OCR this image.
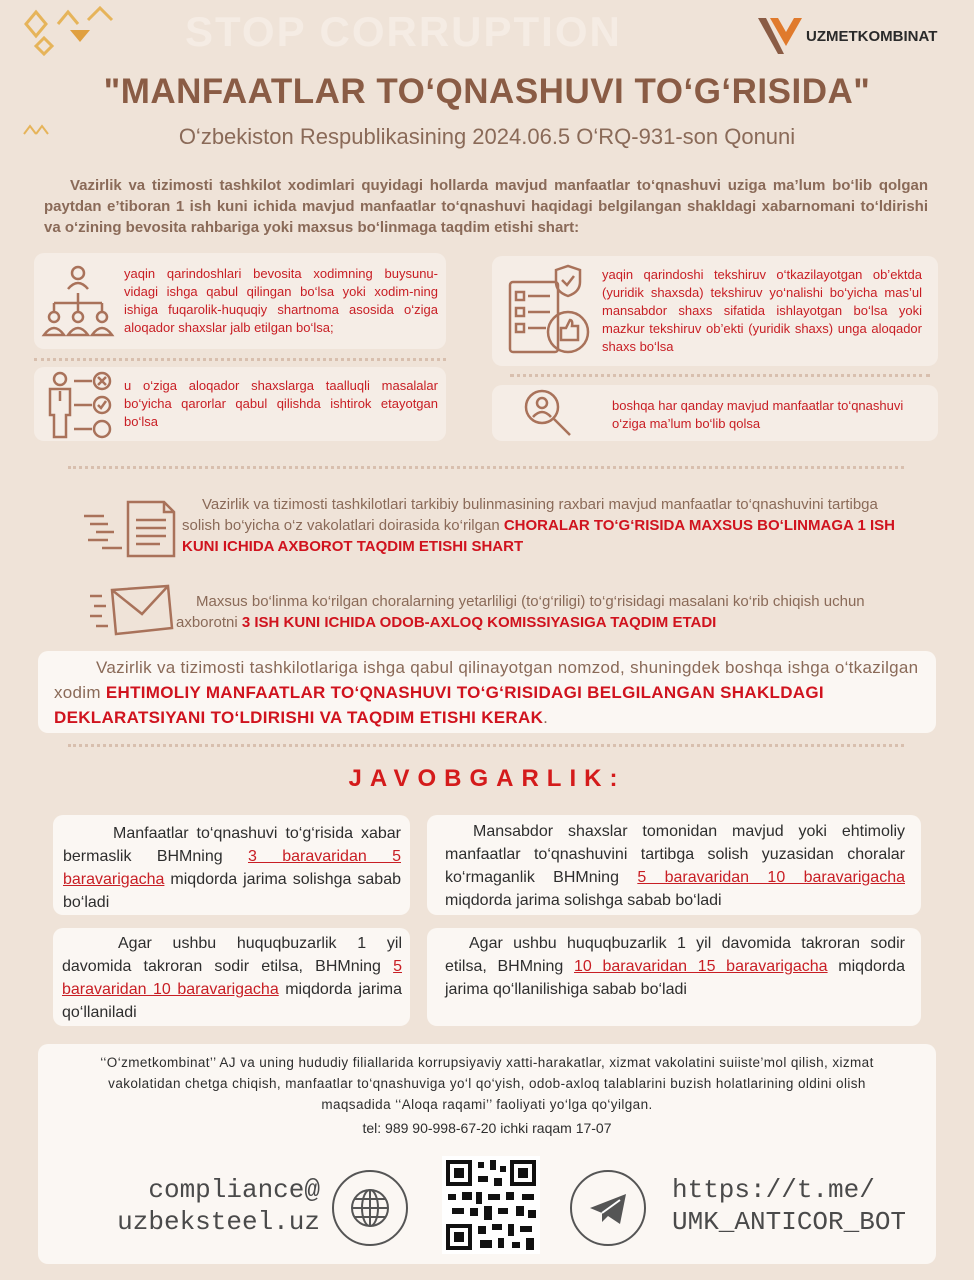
STOP CORRUPTION	UZMETKOMBINAT
"MANFAATLAR TO‘QNASHUVI TO‘G‘RISIDA"
O‘zbekiston Respublikasining 2024.06.5 O‘RQ-931-son Qonuni
Vazirlik va tizimosti tashkilot xodimlari quyidagi hollarda mavjud manfaatlar to‘qnashuvi uziga ma’lum bo‘lib qolgan paytdan e’tiboran 1 ish kuni ichida mavjud manfaatlar to‘qnashuvi haqidagi belgilangan shakldagi xabarnomani to‘ldirishi va o‘zining bevosita rahbariga yoki maxsus bo‘linmaga taqdim etishi shart:
yaqin qarindoshlari bevosita xodimning buysunu-vidagi ishga qabul qilingan bo‘lsa yoki xodim-ning ishiga fuqarolik-huquqiy shartnoma asosida o‘ziga aloqador shaxslar jalb etilgan bo‘lsa;
yaqin qarindoshi tekshiruv o‘tkazilayotgan ob’ektda (yuridik shaxsda) tekshiruv yo‘nalishi bo‘yicha mas’ul mansabdor shaxs sifatida ishlayotgan bo‘lsa yoki mazkur tekshiruv ob’ekti (yuridik shaxs) unga aloqador shaxs bo‘lsa
u o‘ziga aloqador shaxslarga taalluqli masalalar bo‘yicha qarorlar qabul qilishda ishtirok etayotgan bo‘lsa
boshqa har qanday mavjud manfaatlar to‘qnashuvi o‘ziga ma’lum bo‘lib qolsa
Vazirlik va tizimosti tashkilotlari tarkibiy bulinmasining raxbari mavjud manfaatlar to‘qnashuvini tartibga solish bo‘yicha o‘z vakolatlari doirasida ko‘rilgan CHORALAR TO‘G‘RISIDA MAXSUS BO‘LINMAGA 1 ISH KUNI ICHIDA AXBOROT TAQDIM ETISHI SHART
Maxsus bo‘linma ko‘rilgan choralarning yetarliligi (to‘g‘riligi) to‘g‘risidagi masalani ko‘rib chiqish uchun axborotni 3 ISH KUNI ICHIDA ODOB-AXLOQ KOMISSIYASIGA TAQDIM ETADI
Vazirlik va tizimosti tashkilotlariga ishga qabul qilinayotgan nomzod, shuningdek boshqa ishga o‘tkazilgan xodim EHTIMOLIY MANFAATLAR TO‘QNASHUVI TO‘G‘RISIDAGI BELGILANGAN SHAKLDAGI DEKLARATSIYANI TO‘LDIRISHI VA TAQDIM ETISHI KERAK.
JAVOBGARLIK:
Manfaatlar to‘qnashuvi to‘g‘risida xabar bermaslik BHMning 3 baravaridan 5 baravarigacha miqdorda jarima solishga sabab bo‘ladi
Mansabdor shaxslar tomonidan mavjud yoki ehtimoliy manfaatlar to‘qnashuvini tartibga solish yuzasidan choralar ko‘rmaganlik BHMning 5 baravaridan 10 baravarigacha miqdorda jarima solishga sabab bo‘ladi
Agar ushbu huquqbuzarlik 1 yil davomida takroran sodir etilsa, BHMning 5 baravaridan 10 baravarigacha miqdorda jarima qo‘llaniladi
Agar ushbu huquqbuzarlik 1 yil davomida takroran sodir etilsa, BHMning 10 baravaridan 15 baravarigacha miqdorda jarima qo‘llanilishiga sabab bo‘ladi
‘‘O‘zmetkombinat’’ AJ va uning hududiy filiallarida korrupsiyaviy xatti-harakatlar, xizmat vakolatini suiiste’mol qilish, xizmat vakolatidan chetga chiqish, manfaatlar to‘qnashuviga yo‘l qo‘yish, odob-axloq talablarini buzish holatlarining oldini olish maqsadida ‘‘Aloqa raqami’’ faoliyati yo‘lga qo‘yilgan.
tel: 989 90-998-67-20 ichki raqam 17-07
compliance@
uzbeksteel.uz
https://t.me/
UMK_ANTICOR_BOT
